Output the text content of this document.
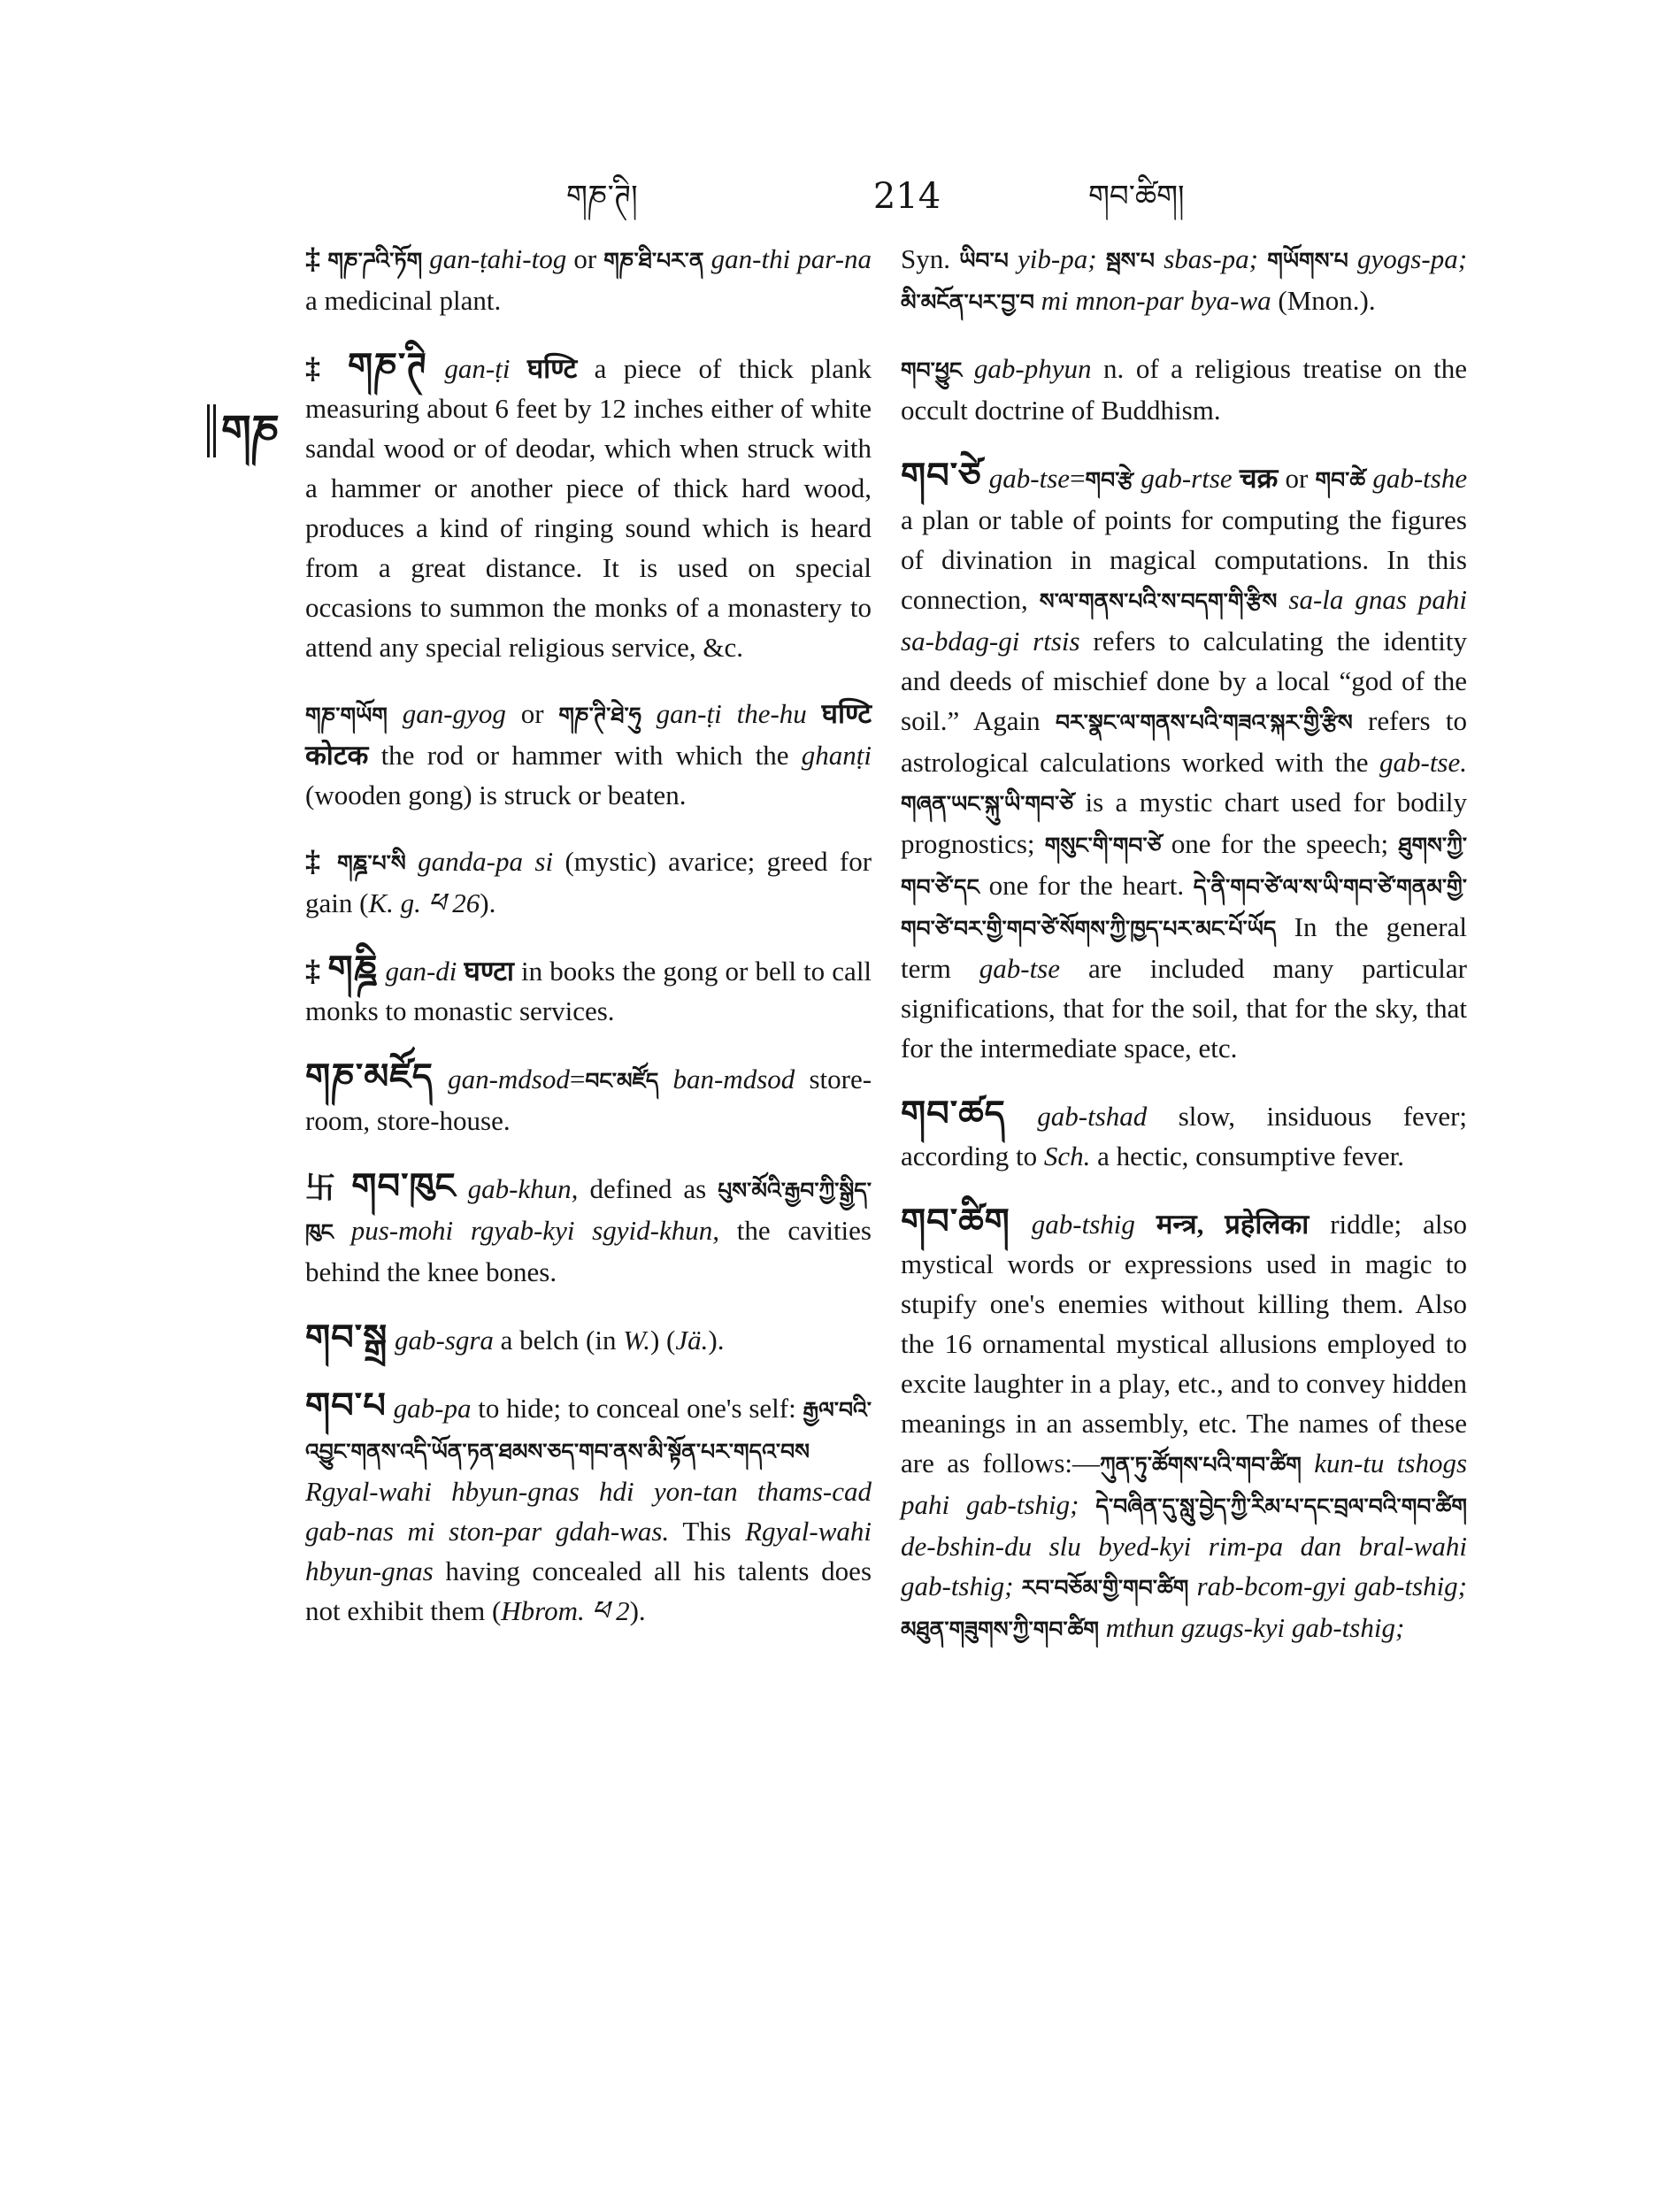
གཎ་ཊི།	214	གབ་ཚིག།
གཎ

‡ གཎ་ཌའི་ཏོག gan-ṭahi-tog or གཎ་ཐི་པར་ན gan-thi par-na a medicinal plant.

‡ གཎ་ཊི gan-ṭi घण्टि a piece of thick plank measuring about 6 feet by 12 inches either of white sandal wood or of deodar, which when struck with a hammer or another piece of thick hard wood, produces a kind of ringing sound which is heard from a great distance. It is used on special occasions to summon the monks of a monastery to attend any special religious service, &c.

གཎ་གཡོག gan-gyog or གཎ་ཊི་ཐེ་ཧུ gan-ṭi the-hu घण्टि कोटक the rod or hammer with which the ghanṭi (wooden gong) is struck or beaten.

‡ གཎྜ་པ་སི ganda-pa si (mystic) avarice; greed for gain (K. g. ཕ 26).

‡ གཎྜི gan-di घण्टा in books the gong or bell to call monks to monastic services.

གཎ་མཛོད gan-mdsod=བང་མཛོད ban-mdsod store-room, store-house.

卐 གབ་ཁུང gab-khun, defined as པུས་མོའི་རྒྱབ་ཀྱི་སྒྱིད་ཁུང pus-mohi rgyab-kyi sgyid-khun, the cavities behind the knee bones.

གབ་སྒྲ gab-sgra a belch (in W.) (Jä.).

གབ་པ gab-pa to hide; to conceal one's self: རྒྱལ་བའི་འབྱུང་གནས་འདི་ཡོན་ཏན་ཐམས་ཅད་གབ་ནས་མི་སྟོན་པར་གདའ་བས Rgyal-wahi hbyun-gnas hdi yon-tan thams-cad gab-nas mi ston-par gdah-was. This Rgyal-wahi hbyun-gnas having concealed all his talents does not exhibit them (Hbrom. ཕ 2).

Syn. ཡིབ་པ yib-pa; སྦས་པ sbas-pa; གཡོགས་པ gyogs-pa; མི་མངོན་པར་བྱ་བ mi mnon-par bya-wa (Mnon.).

གབ་ཕྱུང gab-phyun n. of a religious treatise on the occult doctrine of Buddhism.

གབ་ཙེ gab-tse=གབ་རྩེ gab-rtse चक्र or གབ་ཚེ gab-tshe a plan or table of points for computing the figures of divination in magical computations. In this connection, ས་ལ་གནས་པའི་ས་བདག་གི་རྩིས sa-la gnas pahi sa-bdag-gi rtsis refers to calculating the identity and deeds of mischief done by a local “god of the soil.” Again བར་སྣང་ལ་གནས་པའི་གཟའ་སྐར་གྱི་རྩིས refers to astrological calculations worked with the gab-tse. གཞན་ཡང་སྐུ་ཡི་གབ་ཙེ is a mystic chart used for bodily prognostics; གསུང་གི་གབ་ཙེ one for the speech; ཐུགས་ཀྱི་གབ་ཙེ་དང one for the heart. དེ་ནི་གབ་ཙེ་ལ་ས་ཡི་གབ་ཙེ་གནམ་གྱི་གབ་ཙེ་བར་གྱི་གབ་ཙེ་སོགས་ཀྱི་ཁྱད་པར་མང་པོ་ཡོད In the general term gab-tse are included many particular significations, that for the soil, that for the sky, that for the intermediate space, etc.

གབ་ཚད gab-tshad slow, insiduous fever; according to Sch. a hectic, consumptive fever.

གབ་ཚིག gab-tshig मन्त्र, प्रहेलिका riddle; also mystical words or expressions used in magic to stupify one's enemies without killing them. Also the 16 ornamental mystical allusions employed to excite laughter in a play, etc., and to convey hidden meanings in an assembly, etc. The names of these are as follows:—ཀུན་ཏུ་ཚོགས་པའི་གབ་ཚིག kun-tu tshogs pahi gab-tshig; དེ་བཞིན་དུ་སླུ་བྱེད་ཀྱི་རིམ་པ་དང་བྲལ་བའི་གབ་ཚིག de-bshin-du slu byed-kyi rim-pa dan bral-wahi gab-tshig; རབ་བཅོམ་གྱི་གབ་ཚིག rab-bcom-gyi gab-tshig; མཐུན་གཟུགས་ཀྱི་གབ་ཚིག mthun gzugs-kyi gab-tshig;
